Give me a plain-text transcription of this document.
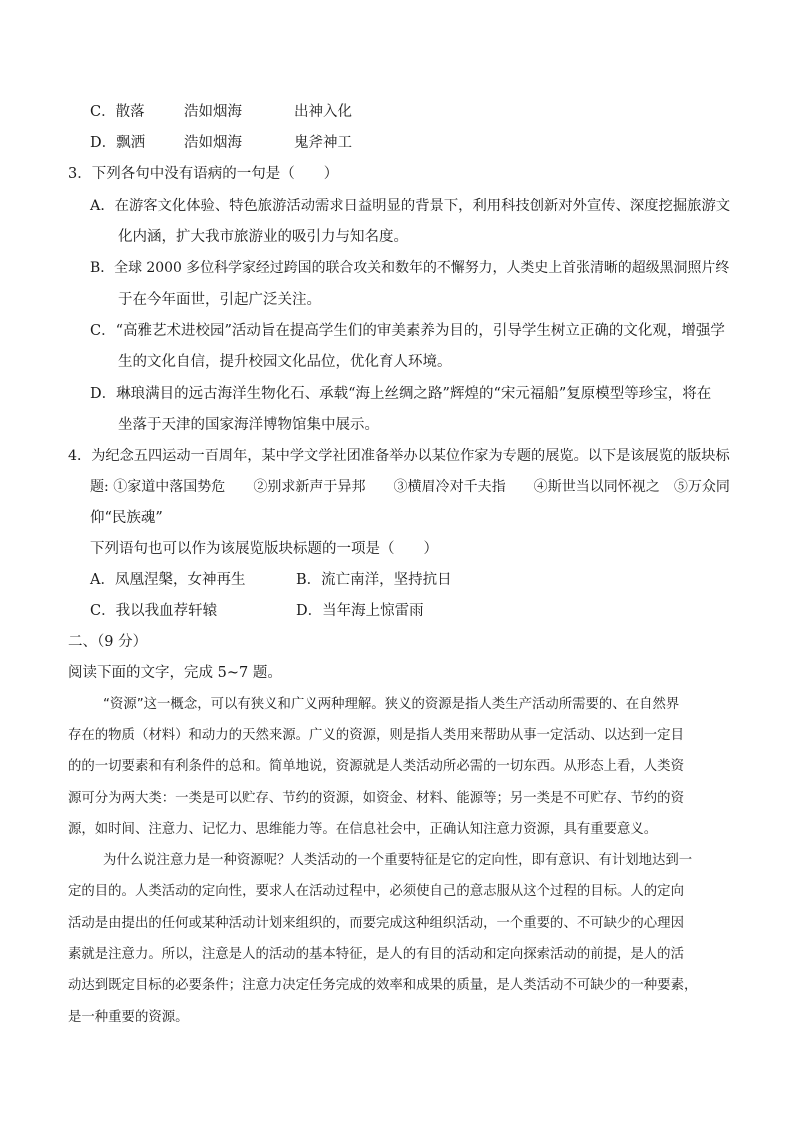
C．散落	浩如烟海	出神入化
D．飘洒	浩如烟海	鬼斧神工
3．下列各句中没有语病的一句是（　　）
A．在游客文化体验、特色旅游活动需求日益明显的背景下，利用科技创新对外宣传、深度挖掘旅游文
化内涵，扩大我市旅游业的吸引力与知名度。
B．全球 2000 多位科学家经过跨国的联合攻关和数年的不懈努力，人类史上首张清晰的超级黑洞照片终
于在今年面世，引起广泛关注。
C．“高雅艺术进校园”活动旨在提高学生们的审美素养为目的，引导学生树立正确的文化观，增强学
生的文化自信，提升校园文化品位，优化育人环境。
D．琳琅满目的远古海洋生物化石、承载“海上丝绸之路”辉煌的“宋元福船”复原模型等珍宝，将在
坐落于天津的国家海洋博物馆集中展示。
4．为纪念五四运动一百周年，某中学文学社团准备举办以某位作家为专题的展览。以下是该展览的版块标
题: ①家道中落国势危　　②别求新声于异邦　　③横眉冷对千夫指　　④斯世当以同怀视之　⑤万众同
仰“民族魂”
下列语句也可以作为该展览版块标题的一项是（　　）
A．凤凰涅槃，女神再生	B．流亡南洋，坚持抗日
C．我以我血荐轩辕	D．当年海上惊雷雨
二、（9 分）
阅读下面的文字，完成 5~7 题。
“资源”这一概念，可以有狭义和广义两种理解。狭义的资源是指人类生产活动所需要的、在自然界
存在的物质（材料）和动力的天然来源。广义的资源，则是指人类用来帮助从事一定活动、以达到一定目
的的一切要素和有利条件的总和。简单地说，资源就是人类活动所必需的一切东西。从形态上看，人类资
源可分为两大类：一类是可以贮存、节约的资源，如资金、材料、能源等；另一类是不可贮存、节约的资
源，如时间、注意力、记忆力、思维能力等。在信息社会中，正确认知注意力资源，具有重要意义。
为什么说注意力是一种资源呢？人类活动的一个重要特征是它的定向性，即有意识、有计划地达到一
定的目的。人类活动的定向性，要求人在活动过程中，必须使自己的意志服从这个过程的目标。人的定向
活动是由提出的任何或某种活动计划来组织的，而要完成这种组织活动，一个重要的、不可缺少的心理因
素就是注意力。所以，注意是人的活动的基本特征，是人的有目的活动和定向探索活动的前提，是人的活
动达到既定目标的必要条件；注意力决定任务完成的效率和成果的质量，是人类活动不可缺少的一种要素，
是一种重要的资源。
